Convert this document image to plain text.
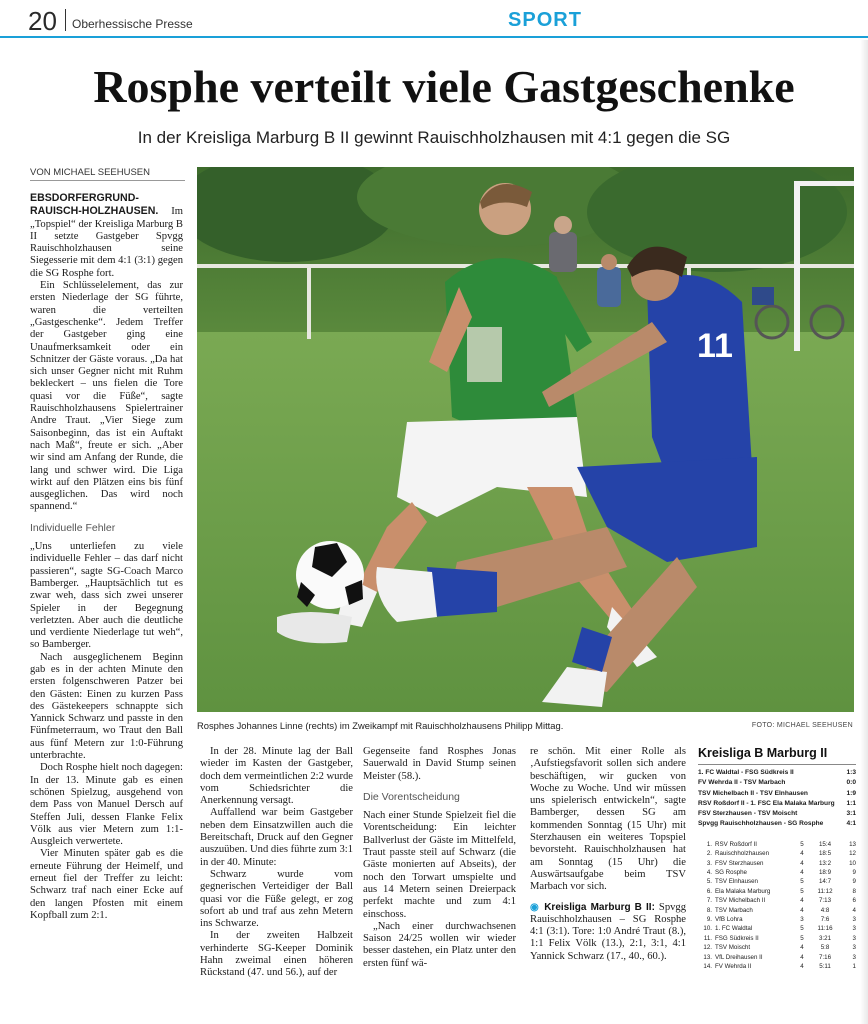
20 Oberhessische Presse	SPORT
Rosphe verteilt viele Gastgeschenke
In der Kreisliga Marburg B II gewinnt Rauischholzhausen mit 4:1 gegen die SG
VON MICHAEL SEEHUSEN

EBSDORFERGRUND-RAUISCH-HOLZHAUSEN. Im „Topspiel“ der Kreisliga Marburg B II setzte Gastgeber Spvgg Rauischholzhausen seine Siegesserie mit dem 4:1 (3:1) gegen die SG Rosphe fort.

Ein Schlüsselelement, das zur ersten Niederlage der SG führte, waren die verteilten „Gastgeschenke“. Jedem Treffer der Gastgeber ging eine Unaufmerksamkeit oder ein Schnitzer der Gäste voraus. „Da hat sich unser Gegner nicht mit Ruhm bekleckert – uns fielen die Tore quasi vor die Füße“, sagte Rauischholzhausens Spielertrainer Andre Traut. „Vier Siege zum Saisonbeginn, das ist ein Auftakt nach Maß“, freute er sich. „Aber wir sind am Anfang der Runde, die lang und schwer wird. Die Liga wirkt auf den Plätzen eins bis fünf ausgeglichen. Das wird noch spannend.“

Individuelle Fehler

„Uns unterliefen zu viele individuelle Fehler – das darf nicht passieren“, sagte SG-Coach Marco Bamberger. „Hauptsächlich tut es zwar weh, dass sich zwei unserer Spieler in der Begegnung verletzten. Aber auch die deutliche und verdiente Niederlage tut weh“, so Bamberger.

Nach ausgeglichenem Beginn gab es in der achten Minute den ersten folgenschweren Patzer bei den Gästen: Einen zu kurzen Pass des Gästekeepers schnappte sich Yannick Schwarz und passte in den Fünfmeterraum, wo Traut den Ball aus fünf Metern zur 1:0-Führung unterbrachte.

Doch Rosphe hielt noch dagegen: In der 13. Minute gab es einen schönen Spielzug, ausgehend von dem Pass von Manuel Dersch auf Steffen Juli, dessen Flanke Felix Völk aus vier Metern zum 1:1-Ausgleich verwertete.

Vier Minuten später gab es die erneute Führung der Heimelf, und erneut fiel der Treffer zu leicht: Schwarz traf nach einer Ecke auf den langen Pfosten mit einem Kopfball zum 2:1.

11
Rosphes Johannes Linne (rechts) im Zweikampf mit Rauischholzhausens Philipp Mittag.	FOTO: MICHAEL SEEHUSEN

In der 28. Minute lag der Ball wieder im Kasten der Gastgeber, doch dem vermeintlichen 2:2 wurde vom Schiedsrichter die Anerkennung versagt.

Auffallend war beim Gastgeber neben dem Einsatzwillen auch die Bereitschaft, Druck auf den Gegner auszuüben. Und dies führte zum 3:1 in der 40. Minute:

Schwarz wurde vom gegnerischen Verteidiger der Ball quasi vor die Füße gelegt, er zog sofort ab und traf aus zehn Metern ins Schwarze.

In der zweiten Halbzeit verhinderte SG-Keeper Dominik Hahn zweimal einen höheren Rückstand (47. und 56.), auf der

Gegenseite fand Rosphes Jonas Sauerwald in David Stump seinen Meister (58.).

Die Vorentscheidung

Nach einer Stunde Spielzeit fiel die Vorentscheidung: Ein leichter Ballverlust der Gäste im Mittelfeld, Traut passte steil auf Schwarz (die Gäste monierten auf Abseits), der noch den Torwart umspielte und aus 14 Metern seinen Dreierpack perfekt machte und zum 4:1 einschoss.

„Nach einer durchwachsenen Saison 24/25 wollen wir wieder besser dastehen, ein Platz unter den ersten fünf wä-

re schön. Mit einer Rolle als ‚Aufstiegsfavorit sollen sich andere beschäftigen, wir gucken von Woche zu Woche. Und wir müssen uns spielerisch entwickeln“, sagte Bamberger, dessen SG am kommenden Sonntag (15 Uhr) mit Sterzhausen ein weiteres Topspiel bevorsteht. Rauischholzhausen hat am Sonntag (15 Uhr) die Auswärtsaufgabe beim TSV Marbach vor sich.

◉ Kreisliga Marburg B II: Spvgg Rauischholzhausen – SG Rosphe 4:1 (3:1). Tore: 1:0 André Traut (8.), 1:1 Felix Völk (13.), 2:1, 3:1, 4:1 Yannick Schwarz (17., 40., 60.).

Kreisliga B Marburg II
1. FC Waldtal - FSG Südkreis II	1:3
FV Wehrda II - TSV Marbach	0:0
TSV Michelbach II - TSV Elnhausen	1:9
RSV Roßdorf II - 1. FSC Ela Malaka Marburg 1:1
FSV Sterzhausen - TSV Moischt	3:1
Spvgg Rauischholzhausen - SG Rosphe	4:1
1. RSV Roßdorf II	5	15:4	13
2. Rauischholzhausen	4	18:5	12
3. FSV Sterzhausen	4	13:2	10
4. SG Rosphe	4	18:9	9
5. TSV Elnhausen	5	14:7	9
6. Ela Malaka Marburg	5	11:12	8
7. TSV Michelbach II	4	7:13	6
8. TSV Marbach	4	4:8	4
9. VfB Lohra	3	7:6	3
10. 1. FC Waldtal	5	11:16	3
11. FSG Südkreis II	5	3:21	3
12. TSV Moischt	4	5:8	3
13. VfL Dreihausen II	4	7:16	3
14. FV Wehrda II	4	5:11	1
